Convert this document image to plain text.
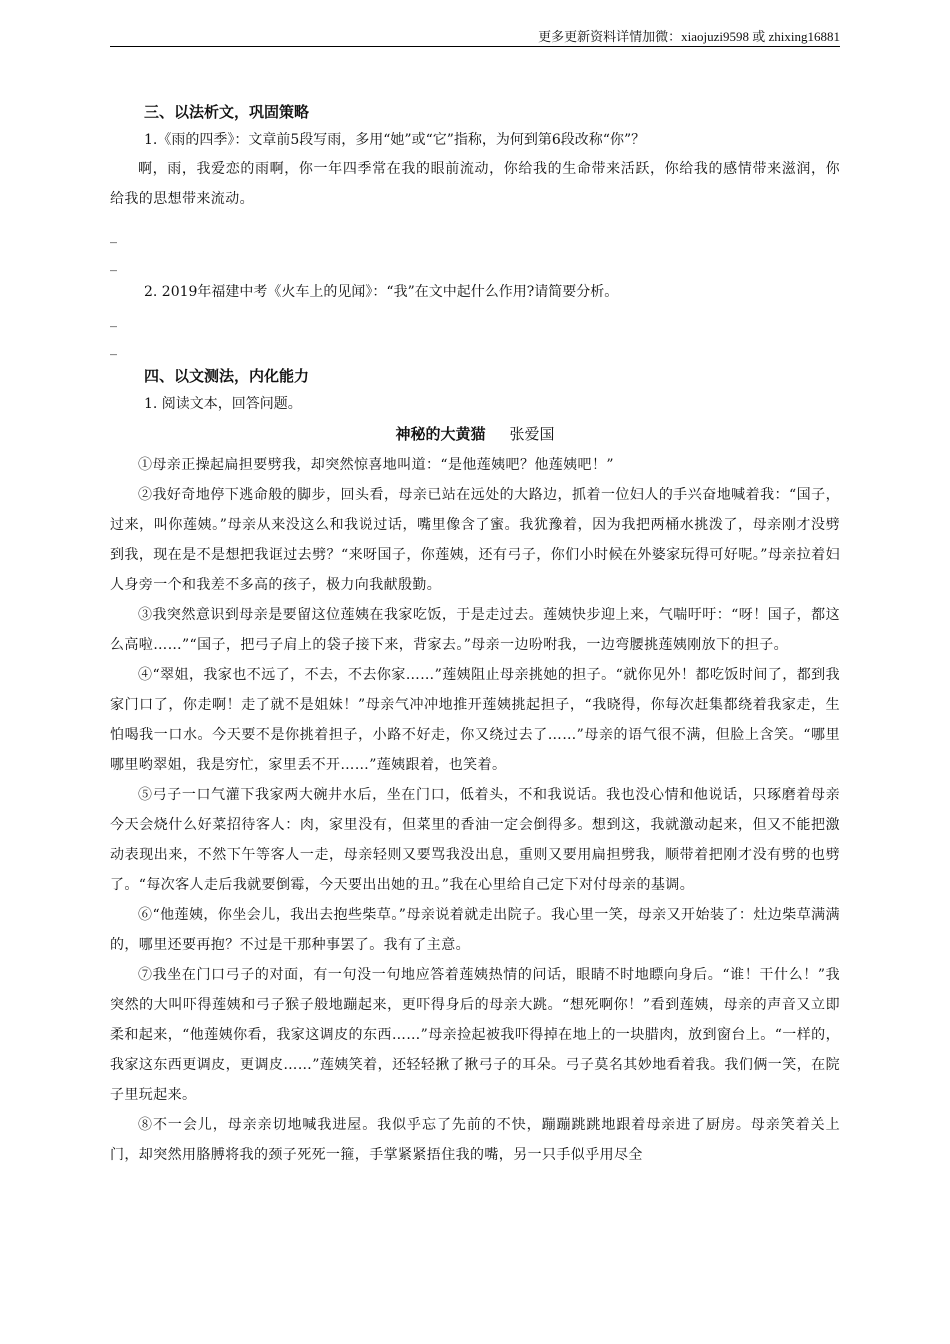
更多更新资料详情加微：xiaojuzi9598 或 zhixing16881
三、以法析文，巩固策略
1.《雨的四季》：文章前5段写雨，多用“她”或“它”指称，为何到第6段改称“你”？

啊，雨，我爱恋的雨啊，你一年四季常在我的眼前流动，你给我的生命带来活跃，你给我的感情带来滋润，你给我的思想带来流动。

_
_
2. 2019年福建中考《火车上的见闻》：“我”在文中起什么作用?请简要分析。
_
_
四、以文测法，内化能力
1. 阅读文本，回答问题。
神秘的大黄猫 张爱国

①母亲正操起扁担要劈我，却突然惊喜地叫道：“是他莲姨吧？他莲姨吧！”

②我好奇地停下逃命般的脚步，回头看，母亲已站在远处的大路边，抓着一位妇人的手兴奋地喊着我：“国子，过来，叫你莲姨。”母亲从来没这么和我说过话，嘴里像含了蜜。我犹豫着，因为我把两桶水挑泼了，母亲刚才没劈到我，现在是不是想把我诓过去劈？“来呀国子，你莲姨，还有弓子，你们小时候在外婆家玩得可好呢。”母亲拉着妇人身旁一个和我差不多高的孩子，极力向我献殷勤。

③我突然意识到母亲是要留这位莲姨在我家吃饭，于是走过去。莲姨快步迎上来，气喘吁吁：“呀！国子，都这么高啦……”“国子，把弓子肩上的袋子接下来，背家去。”母亲一边吩咐我，一边弯腰挑莲姨刚放下的担子。

④“翠姐，我家也不远了，不去，不去你家……”莲姨阻止母亲挑她的担子。“就你见外！都吃饭时间了，都到我家门口了，你走啊！走了就不是姐妹！”母亲气冲冲地推开莲姨挑起担子，“我晓得，你每次赶集都绕着我家走，生怕喝我一口水。今天要不是你挑着担子，小路不好走，你又绕过去了……”母亲的语气很不满，但脸上含笑。“哪里哪里哟翠姐，我是穷忙，家里丢不开……”莲姨跟着，也笑着。

⑤弓子一口气灌下我家两大碗井水后，坐在门口，低着头，不和我说话。我也没心情和他说话，只琢磨着母亲今天会烧什么好菜招待客人：肉，家里没有，但菜里的香油一定会倒得多。想到这，我就激动起来，但又不能把激动表现出来，不然下午等客人一走，母亲轻则又要骂我没出息，重则又要用扁担劈我，顺带着把刚才没有劈的也劈了。“每次客人走后我就要倒霉，今天要出出她的丑。”我在心里给自己定下对付母亲的基调。

⑥“他莲姨，你坐会儿，我出去抱些柴草。”母亲说着就走出院子。我心里一笑，母亲又开始装了：灶边柴草满满的，哪里还要再抱？不过是干那种事罢了。我有了主意。

⑦我坐在门口弓子的对面，有一句没一句地应答着莲姨热情的问话，眼睛不时地瞟向身后。“谁！干什么！”我突然的大叫吓得莲姨和弓子猴子般地蹦起来，更吓得身后的母亲大跳。“想死啊你！”看到莲姨，母亲的声音又立即柔和起来，“他莲姨你看，我家这调皮的东西……”母亲捡起被我吓得掉在地上的一块腊肉，放到窗台上。“一样的，我家这东西更调皮，更调皮……”莲姨笑着，还轻轻揪了揪弓子的耳朵。弓子莫名其妙地看着我。我们俩一笑，在院子里玩起来。

⑧不一会儿，母亲亲切地喊我进屋。我似乎忘了先前的不快，蹦蹦跳跳地跟着母亲进了厨房。母亲笑着关上门，却突然用胳膊将我的颈子死死一箍，手掌紧紧捂住我的嘴，另一只手似乎用尽全
